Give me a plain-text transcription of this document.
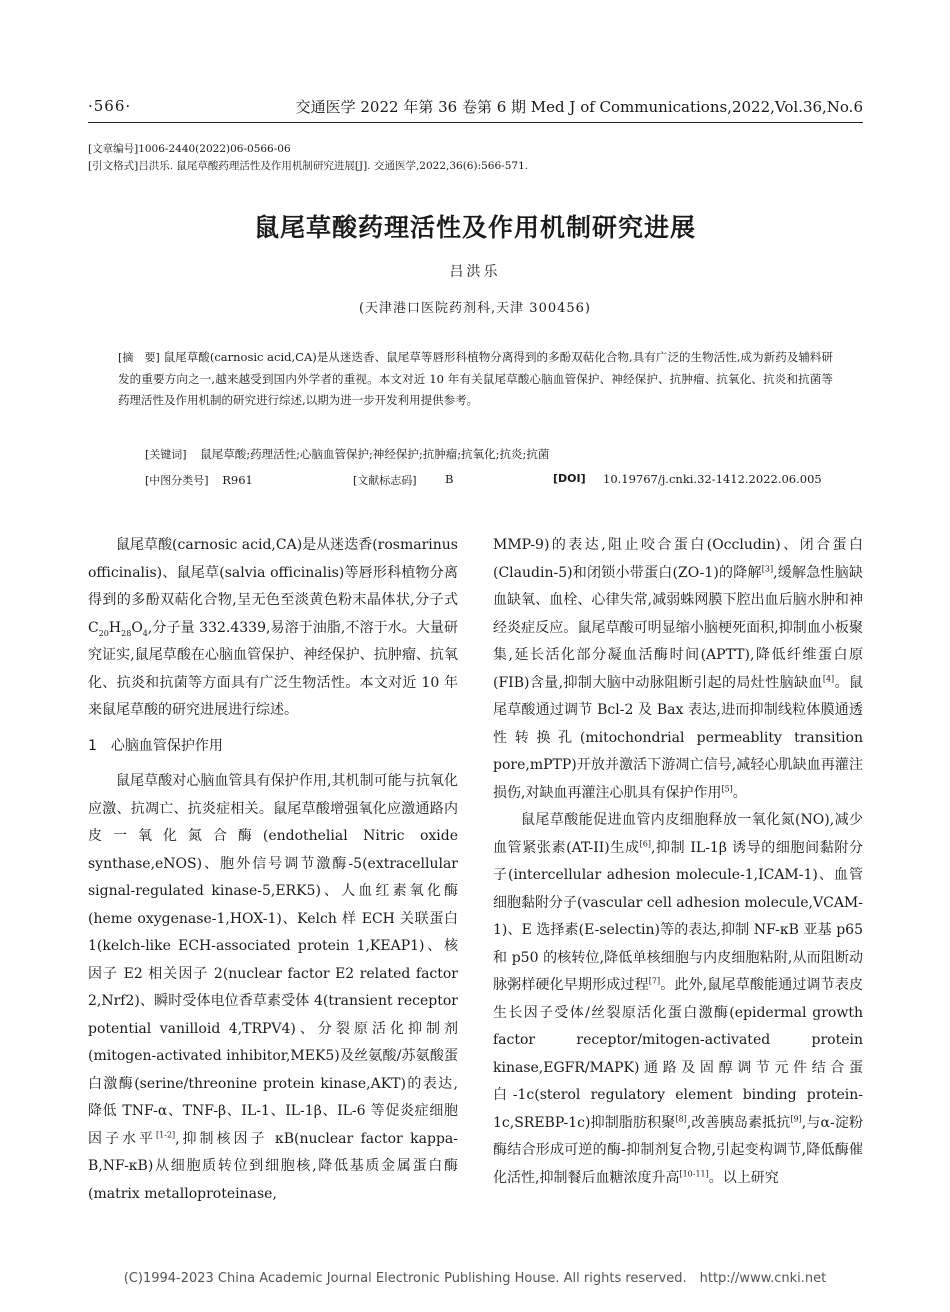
·566·	交通医学 2022 年第 36 卷第 6 期 Med J of Communications,2022,Vol.36,No.6
[文章编号]1006-2440(2022)06-0566-06
[引文格式]吕洪乐. 鼠尾草酸药理活性及作用机制研究进展[J]. 交通医学,2022,36(6):566-571.
鼠尾草酸药理活性及作用机制研究进展
吕洪乐
(天津港口医院药剂科,天津 300456)
[摘　要] 鼠尾草酸(carnosic acid,CA)是从迷迭香、鼠尾草等唇形科植物分离得到的多酚双萜化合物,具有广泛的生物活性,成为新药及辅料研发的重要方向之一,越来越受到国内外学者的重视。本文对近 10 年有关鼠尾草酸心脑血管保护、神经保护、抗肿瘤、抗氧化、抗炎和抗菌等药理活性及作用机制的研究进行综述,以期为进一步开发利用提供参考。
[关键词] 鼠尾草酸;药理活性;心脑血管保护;神经保护;抗肿瘤;抗氧化;抗炎;抗菌
[中图分类号] R961	[文献标志码] B	[DOI] 10.19767/j.cnki.32-1412.2022.06.005

鼠尾草酸(carnosic acid,CA)是从迷迭香(rosmarinus officinalis)、鼠尾草(salvia officinalis)等唇形科植物分离得到的多酚双萜化合物,呈无色至淡黄色粉末晶体状,分子式 $C_{20}H_{28}O_4$,分子量 332.4339,易溶于油脂,不溶于水。大量研究证实,鼠尾草酸在心脑血管保护、神经保护、抗肿瘤、抗氧化、抗炎和抗菌等方面具有广泛生物活性。本文对近 10 年来鼠尾草酸的研究进展进行综述。

1　心脑血管保护作用

鼠尾草酸对心脑血管具有保护作用,其机制可能与抗氧化应激、抗凋亡、抗炎症相关。鼠尾草酸增强氧化应激通路内皮一氧化氮合酶(endothelial Nitric oxide synthase,eNOS)、胞外信号调节激酶-5(extracellular signal-regulated kinase-5,ERK5)、人血红素氧化酶(heme oxygenase-1,HOX-1)、Kelch 样 ECH 关联蛋白 1(kelch-like ECH-associated protein 1,KEAP1)、核因子 E2 相关因子 2(nuclear factor E2 related factor 2,Nrf2)、瞬时受体电位香草素受体 4(transient receptor potential vanilloid 4,TRPV4)、分裂原活化抑制剂(mitogen-activated inhibitor,MEK5)及丝氨酸/苏氨酸蛋白激酶(serine/threonine protein kinase,AKT)的表达,降低 TNF-α、TNF-β、IL-1、IL-1β、IL-6 等促炎症细胞因子水平[1-2],抑制核因子 κB(nuclear factor kappa-B,NF-κB)从细胞质转位到细胞核,降低基质金属蛋白酶(matrix metalloproteinase,

MMP-9)的表达,阻止咬合蛋白(Occludin)、闭合蛋白(Claudin-5)和闭锁小带蛋白(ZO-1)的降解[3],缓解急性脑缺血缺氧、血栓、心律失常,减弱蛛网膜下腔出血后脑水肿和神经炎症反应。鼠尾草酸可明显缩小脑梗死面积,抑制血小板聚集,延长活化部分凝血活酶时间(APTT),降低纤维蛋白原(FIB)含量,抑制大脑中动脉阻断引起的局灶性脑缺血[4]。鼠尾草酸通过调节 Bcl-2 及 Bax 表达,进而抑制线粒体膜通透性转换孔(mitochondrial permeablity transition pore,mPTP)开放并激活下游凋亡信号,减轻心肌缺血再灌注损伤,对缺血再灌注心肌具有保护作用[5]。

鼠尾草酸能促进血管内皮细胞释放一氧化氮(NO),减少血管紧张素(AT-II)生成[6],抑制 IL-1β 诱导的细胞间黏附分子(intercellular adhesion molecule-1,ICAM-1)、血管细胞黏附分子(vascular cell adhesion molecule,VCAM-1)、E 选择素(E-selectin)等的表达,抑制 NF-κB 亚基 p65 和 p50 的核转位,降低单核细胞与内皮细胞粘附,从而阻断动脉粥样硬化早期形成过程[7]。此外,鼠尾草酸能通过调节表皮生长因子受体/丝裂原活化蛋白激酶(epidermal growth factor receptor/mitogen-activated protein kinase,EGFR/MAPK)通路及固醇调节元件结合蛋白-1c(sterol regulatory element binding protein-1c,SREBP-1c)抑制脂肪积聚[8],改善胰岛素抵抗[9],与α-淀粉酶结合形成可逆的酶-抑制剂复合物,引起变构调节,降低酶催化活性,抑制餐后血糖浓度升高[10-11]。以上研究

(C)1994-2023 China Academic Journal Electronic Publishing House. All rights reserved.　http://www.cnki.net
